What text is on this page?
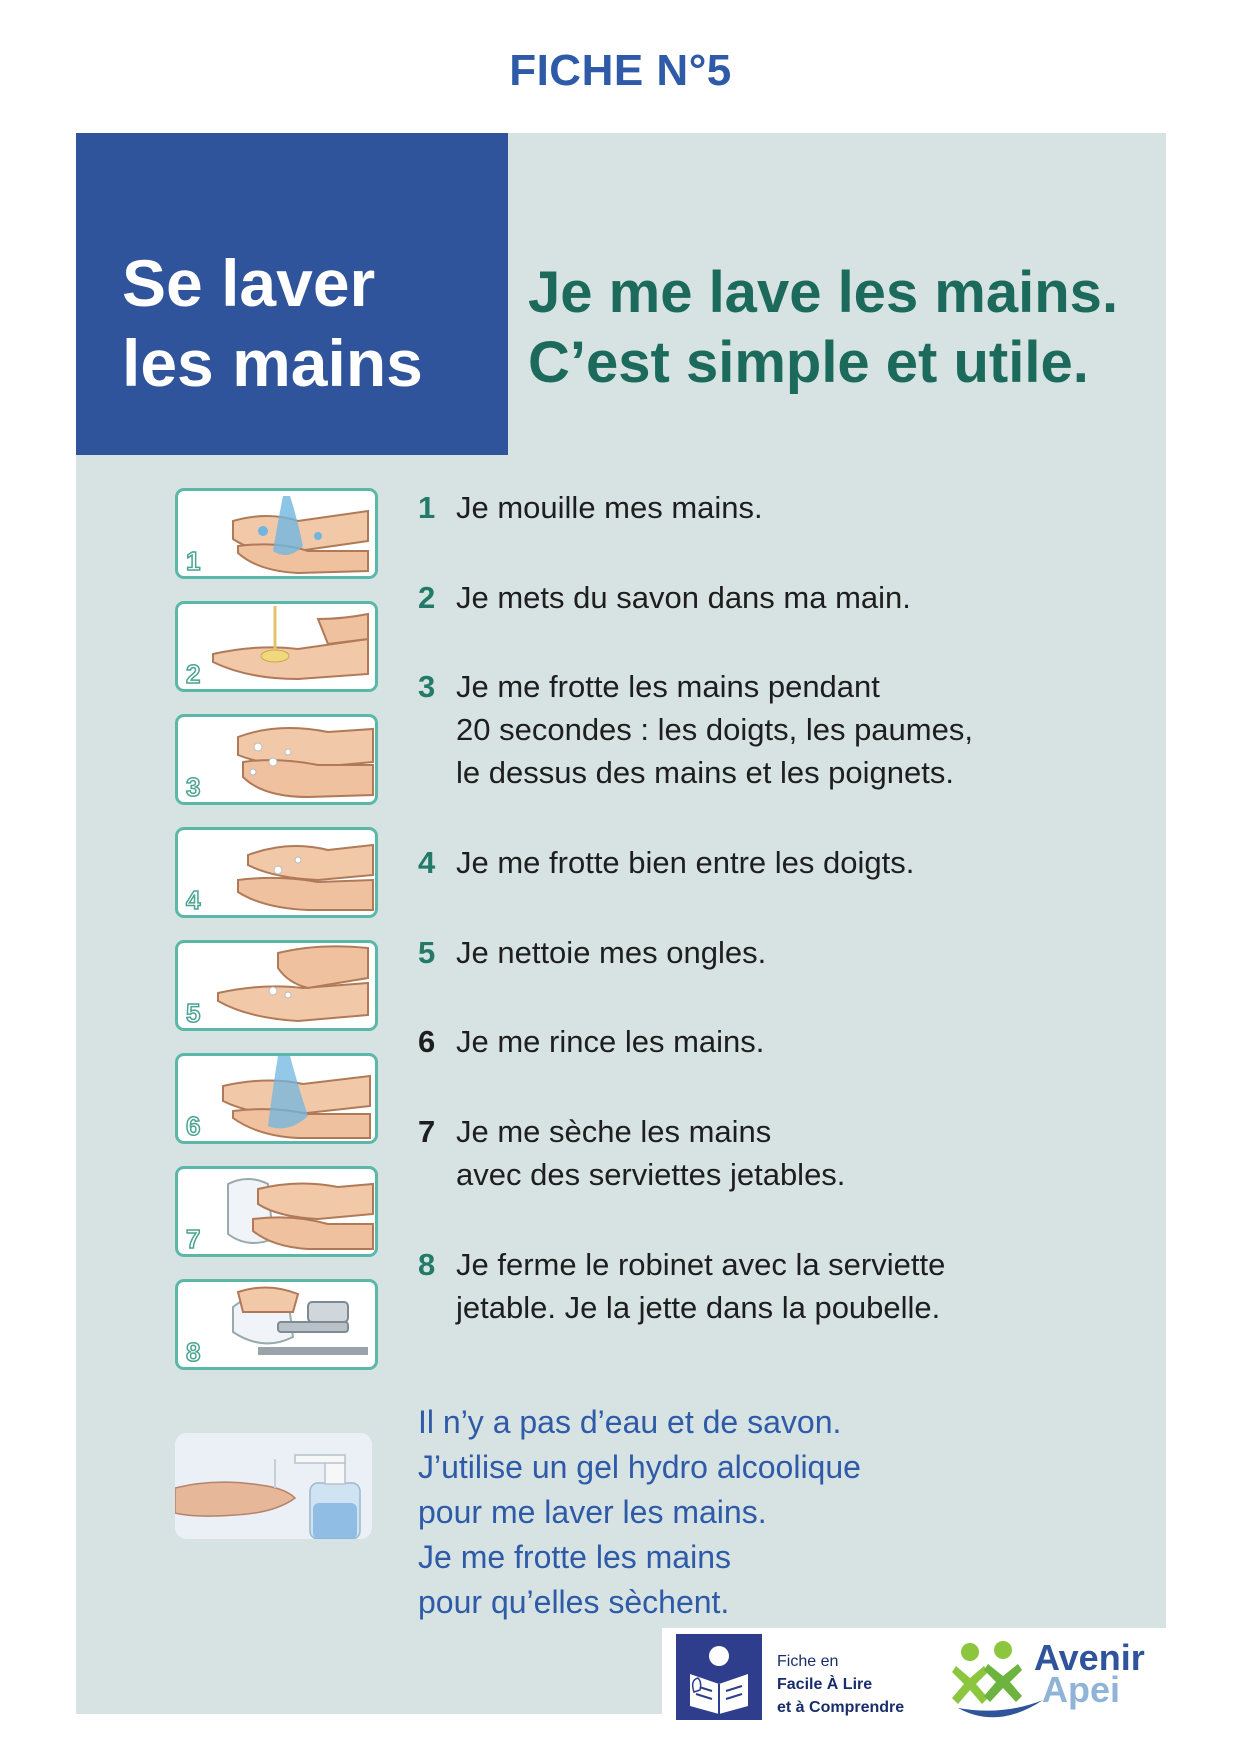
FICHE N°5
Se laver
les mains
Je me lave les mains.
C’est simple et utile.
1
2
3
4
5
6
7
8
1 Je mouille mes mains.
2 Je mets du savon dans ma main.
3 Je me frotte les mains pendant
20 secondes : les doigts, les paumes,
le dessus des mains et les poignets.
4 Je me frotte bien entre les doigts.
5 Je nettoie mes ongles.
6 Je me rince les mains.
7 Je me sèche les mains
avec des serviettes jetables.
8 Je ferme le robinet avec la serviette
jetable. Je la jette dans la poubelle.
Il n’y a pas d’eau et de savon.
J’utilise un gel hydro alcoolique
pour me laver les mains.
Je me frotte les mains
pour qu’elles sèchent.
Fiche en
Facile À Lire
et à Comprendre
Avenir
Apei
